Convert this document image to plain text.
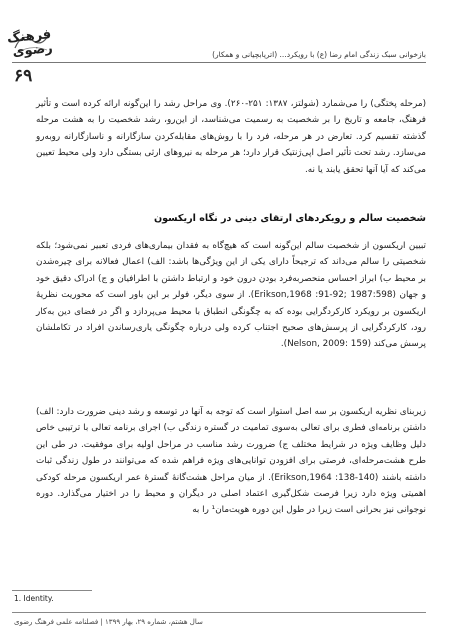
فرهنگ رضوی
۶۹
بازخوانی سبک زندگی امام رضا (ع) با رویکرد... (اتریابچیانی و همکار)
(مرحله پختگی) را می‌شمارد (شولتز، ۱۳۸۷: ۲۵۱-۲۶۰). وی مراحل رشد را این‌گونه ارائه کرده است و تأثیر فرهنگ، جامعه و تاریخ را بر شخصیت به رسمیت می‌شناسد، از این‌رو، رشد شخصیت را به هشت مرحله گذشته تقسیم کرد. تعارض در هر مرحله، فرد را با روش‌های مقابله‌کردن سازگارانه و ناسازگارانه روبه‌رو می‌سازد. رشد تحت تأثیر اصل اپی‌ژنتیک قرار دارد؛ هر مرحله به نیروهای ارثی بستگی دارد ولی محیط تعیین می‌کند که آیا آنها تحقق یابند یا نه.
شخصیت سالم و رویکردهای ارتقای دینی در نگاه اریکسون
تبیین اریکسون از شخصیت سالم این‌گونه است که هیچ‌گاه به فقدان بیماری‌های فردی تعبیر نمی‌شود؛ بلکه شخصیتی را سالم می‌داند که ترجیحاً دارای یکی از این ویژگی‌ها باشد: الف) اعمال فعالانه برای چیره‌شدن بر محیط ب) ابراز احساس منحصربه‌فرد بودن درون خود و ارتباط داشتن با اطرافیان و ج) ادراک دقیق خود و جهان (Erikson,1968 :91-92; 1987:598). از سوی دیگر، فولر بر این باور است که محوریت نظریهٔ اریکسون بر رویکرد کارکردگرایی بوده که به چگونگی انطباق با محیط می‌پردازد و اگر در فضای دین به‌کار رود، کارکردگرایی از پرسش‌های صحیح اجتناب کرده ولی درباره چگونگی یاری‌رساندن افراد در تکاملشان پرسش می‌کند (Nelson, 2009: 159).
زیربنای نظریه اریکسون بر سه اصل استوار است که توجه به آنها در توسعه و رشد دینی ضرورت دارد: الف) داشتن برنامه‌ای فطری برای تعالی به‌سوی تمامیت در گستره زندگی ب) اجرای برنامه تعالی با ترتیبی خاص دلیل وظایف ویژه در شرایط مختلف ج) ضرورت رشد مناسب در مراحل اولیه برای موفقیت. در طی این طرح هشت‌مرحله‌ای، فرصتی برای افزودن توانایی‌های ویژه فراهم شده که می‌توانند در طول زندگی ثبات داشته باشند (Erikson,1964 :138-140). از میان مراحل هشت‌گانهٔ گسترهٔ عمر اریکسون مرحله کودکی اهمیتی ویژه دارد زیرا فرصت شکل‌گیری اعتماد اصلی در دیگران و محیط را در اختیار می‌گذارد. دوره نوجوانی نیز بحرانی است زیرا در طول این دوره هویت‌مان¹ را به
1. Identity.
سال هشتم، شماره ۲۹، بهار ۱۳۹۹ | فصلنامه علمی فرهنگ رضوی
